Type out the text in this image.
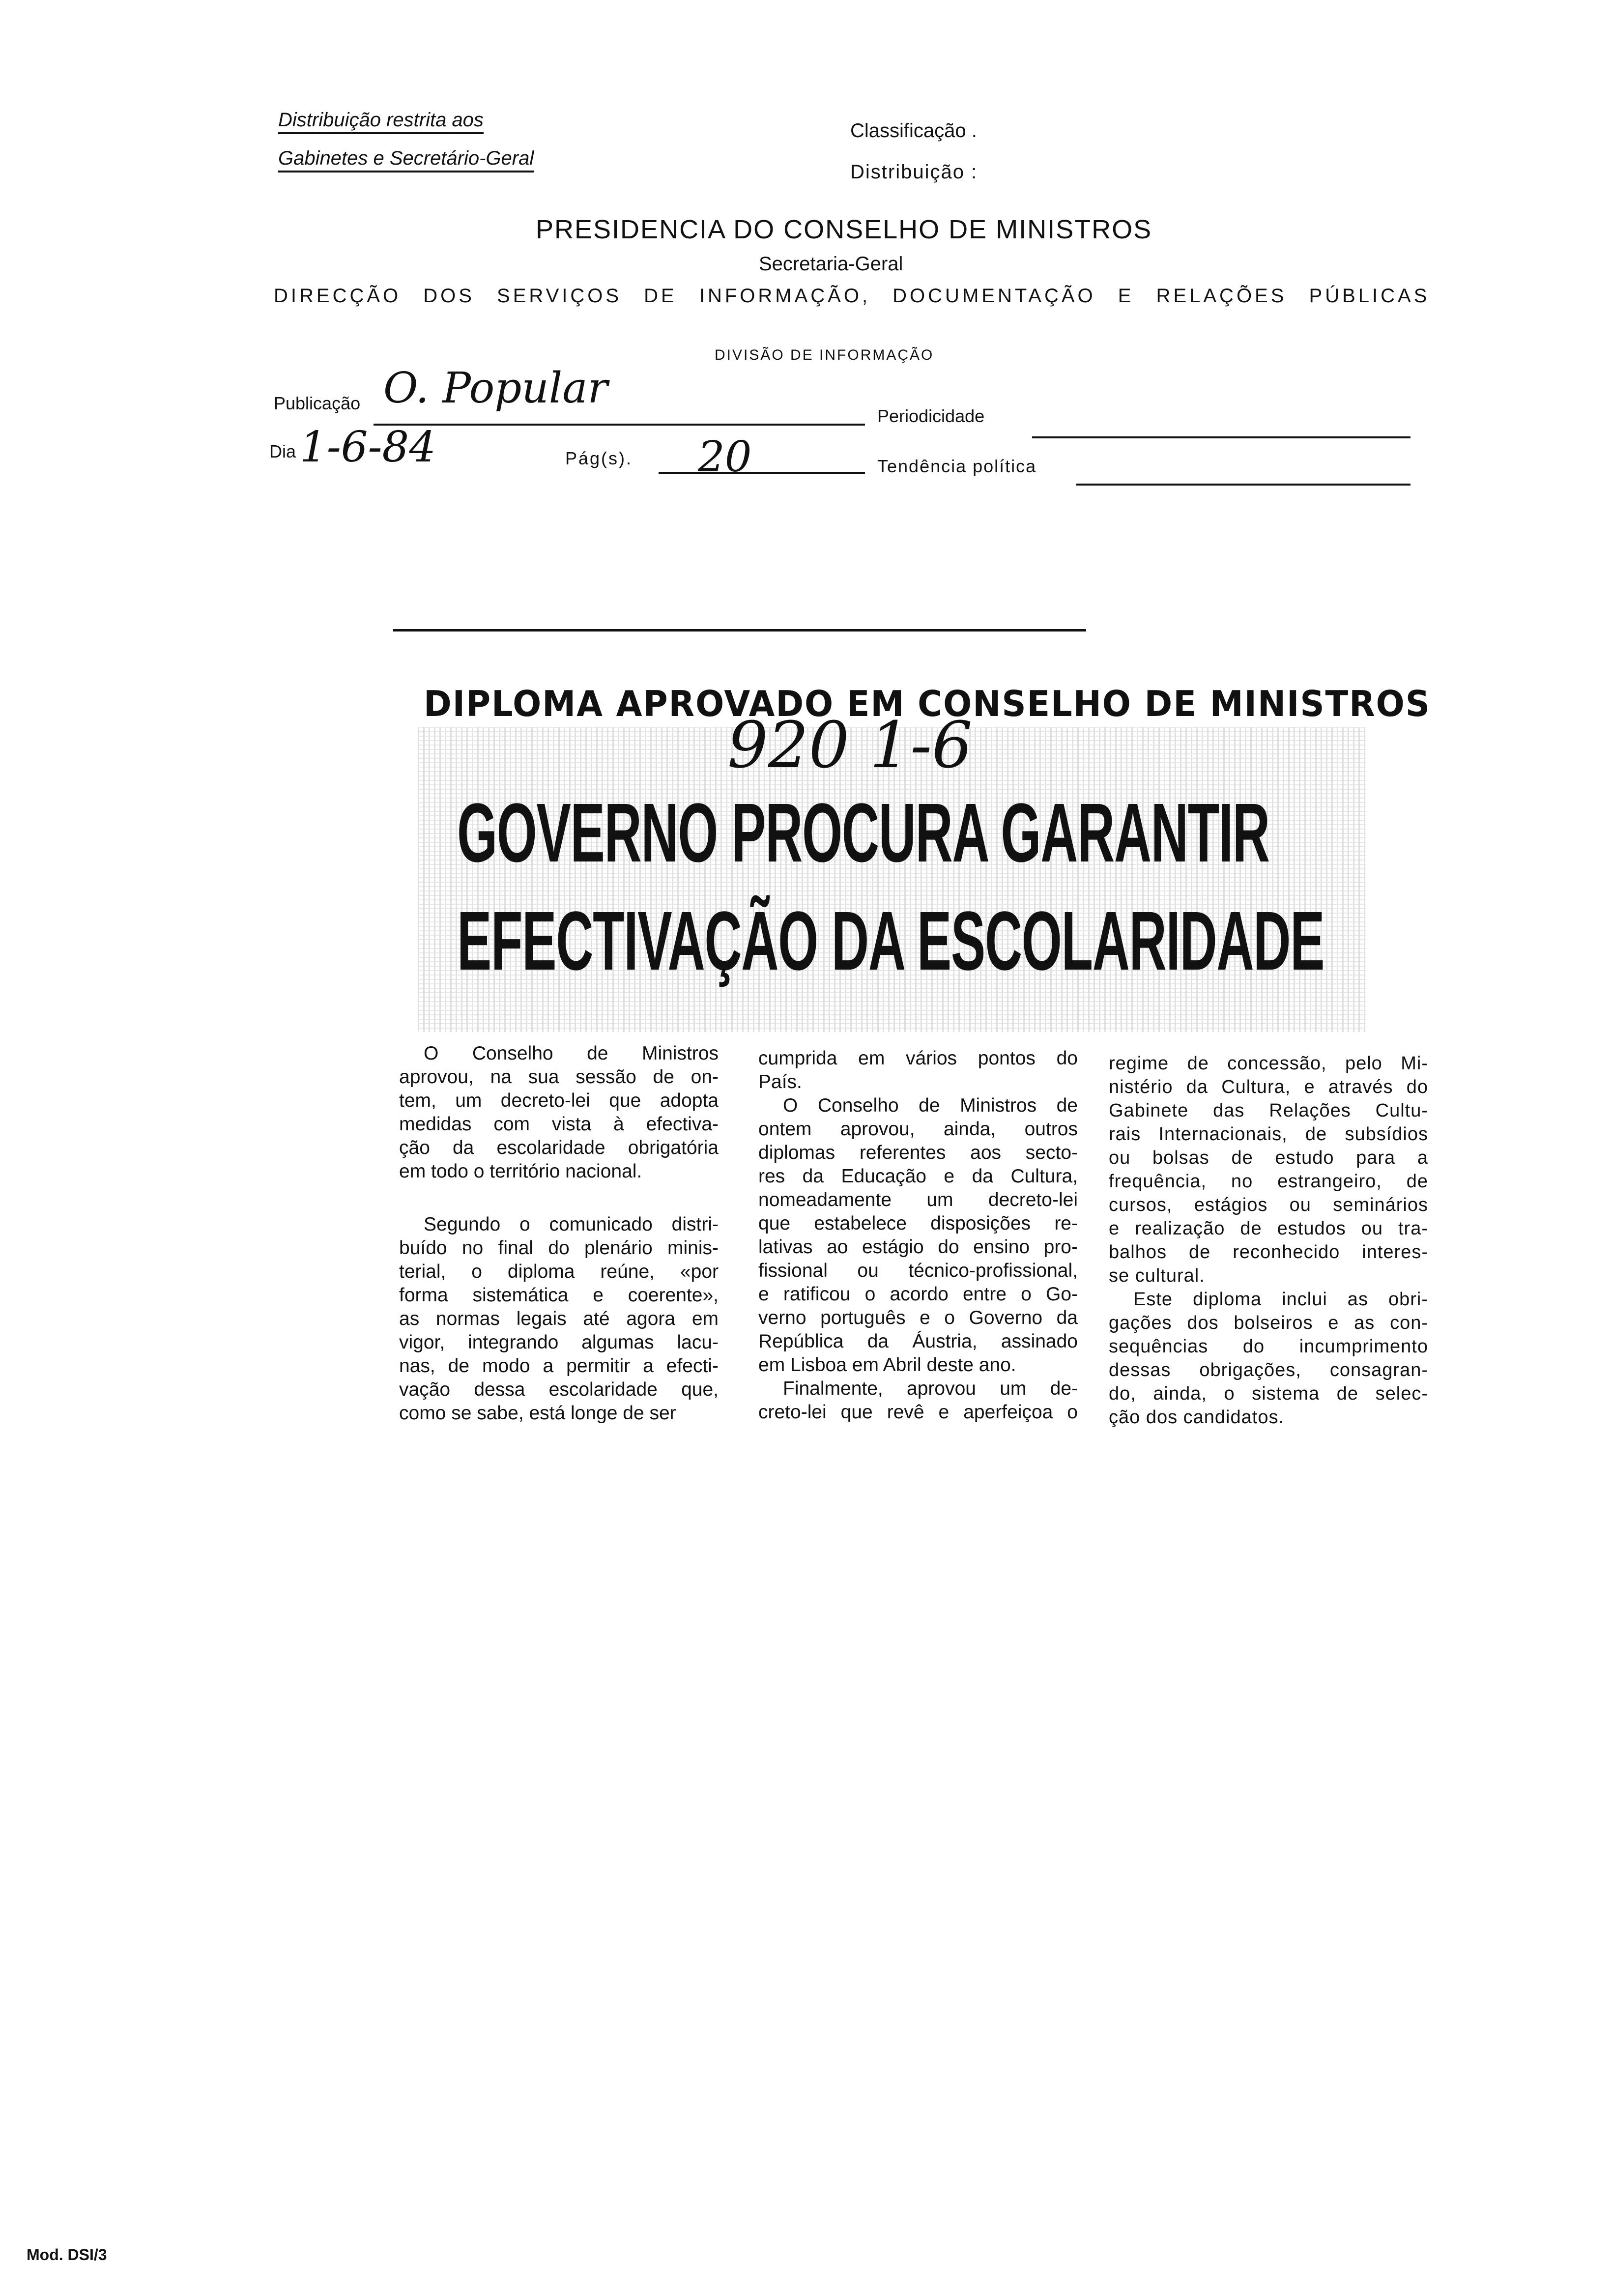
Distribuição restrita aos
Gabinetes e Secretário-Geral
Classificação .
Distribuição :
PRESIDENCIA DO CONSELHO DE MINISTROS
Secretaria-Geral
DIRECÇÃO DOS SERVIÇOS DE INFORMAÇÃO, DOCUMENTAÇÃO E RELAÇÕES PÚBLICAS
DIVISÃO DE INFORMAÇÃO
Publicação O. Popular
Periodicidade
Dia 1-6-84	Pág(s). 20	Tendência política
DIPLOMA APROVADO EM CONSELHO DE MINISTROS
920 1-6
GOVERNO PROCURA GARANTIR
EFECTIVAÇÃO DA ESCOLARIDADE
O Conselho de Ministros
aprovou, na sua sessão de on-
tem, um decreto-lei que adopta
medidas com vista à efectiva-
ção da escolaridade obrigatória
em todo o território nacional.
Segundo o comunicado distri-
buído no final do plenário minis-
terial, o diploma reúne, «por
forma sistemática e coerente»,
as normas legais até agora em
vigor, integrando algumas lacu-
nas, de modo a permitir a efecti-
vação dessa escolaridade que,
como se sabe, está longe de ser
cumprida em vários pontos do
País.
O Conselho de Ministros de
ontem aprovou, ainda, outros
diplomas referentes aos secto-
res da Educação e da Cultura,
nomeadamente um decreto-lei
que estabelece disposições re-
lativas ao estágio do ensino pro-
fissional ou técnico-profissional,
e ratificou o acordo entre o Go-
verno português e o Governo da
República da Áustria, assinado
em Lisboa em Abril deste ano.
Finalmente, aprovou um de-
creto-lei que revê e aperfeiçoa o
regime de concessão, pelo Mi-
nistério da Cultura, e através do
Gabinete das Relações Cultu-
rais Internacionais, de subsídios
ou bolsas de estudo para a
frequência, no estrangeiro, de
cursos, estágios ou seminários
e realização de estudos ou tra-
balhos de reconhecido interes-
se cultural.
Este diploma inclui as obri-
gações dos bolseiros e as con-
sequências do incumprimento
dessas obrigações, consagran-
do, ainda, o sistema de selec-
ção dos candidatos.
Mod. DSI/3
